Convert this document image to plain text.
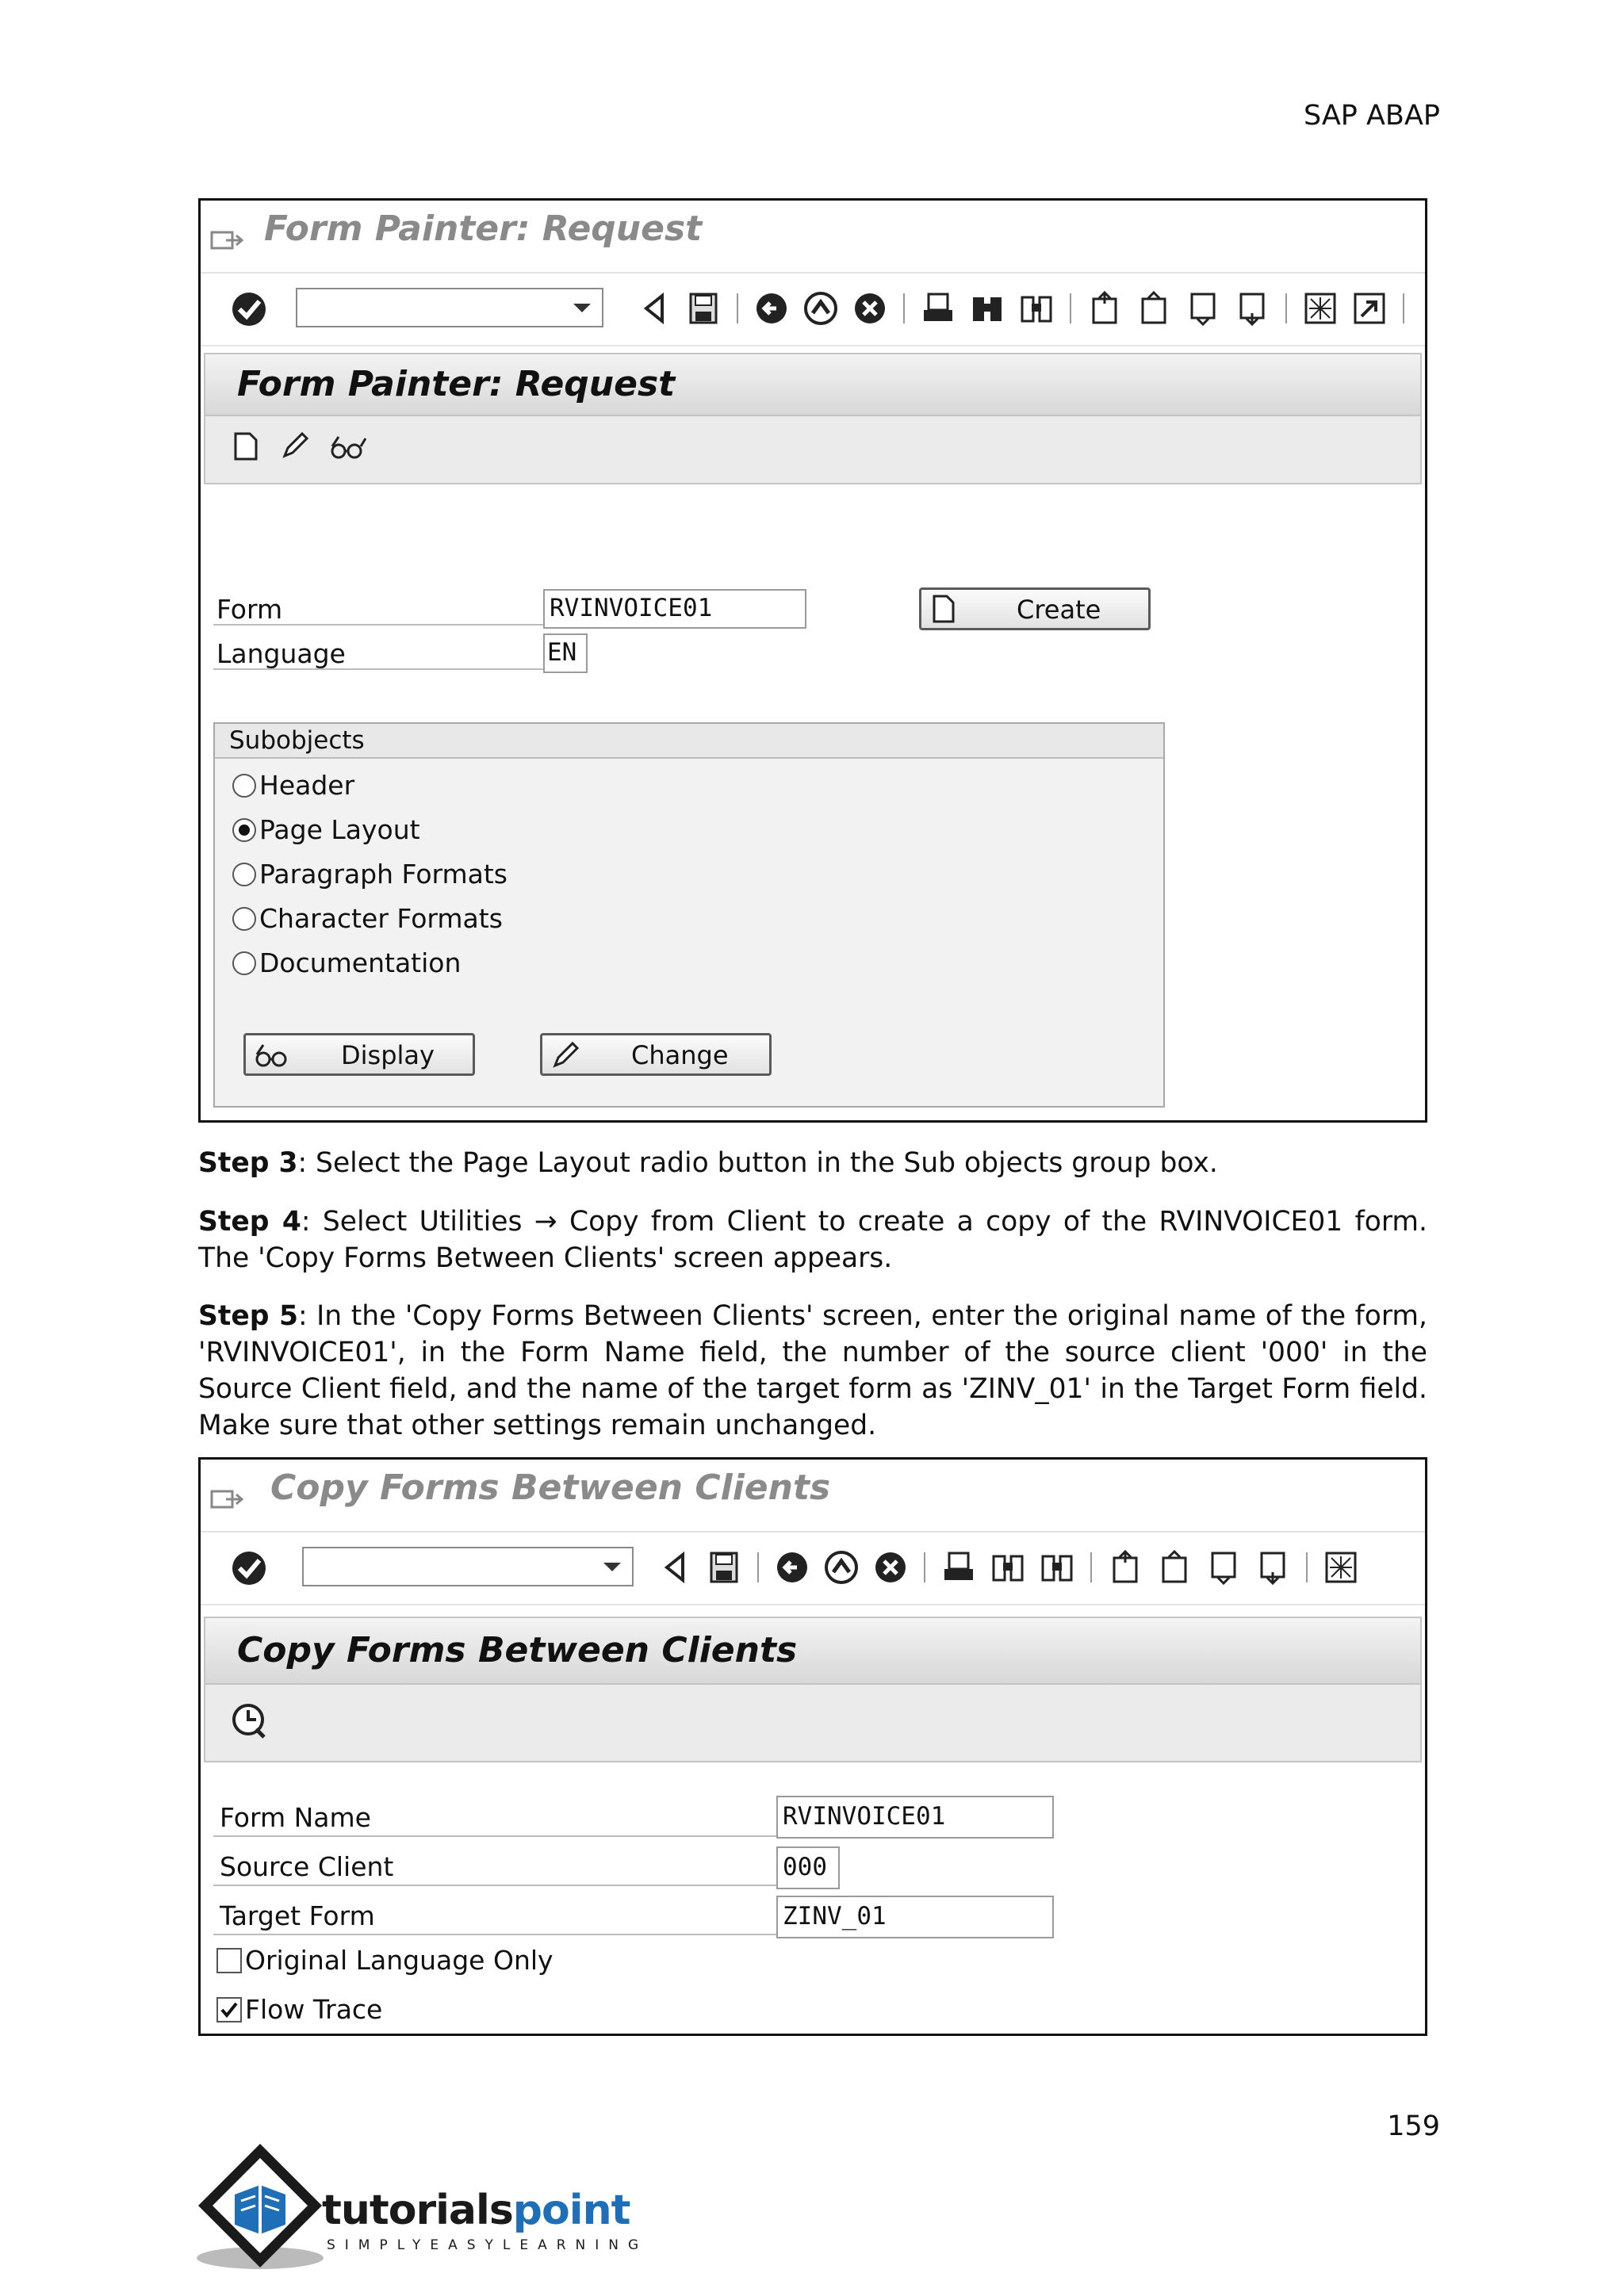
SAP ABAP
Form Painter: Request
Form Painter: Request
Form	RVINVOICE01
Language	EN
Create
Subobjects
Header
Page Layout
Paragraph Formats
Character Formats
Documentation
Display	Change
Step 3: Select the Page Layout radio button in the Sub objects group box.
Step 4: Select Utilities → Copy from Client to create a copy of the RVINVOICE01 form. The 'Copy Forms Between Clients' screen appears.
Step 5: In the 'Copy Forms Between Clients' screen, enter the original name of the form, 'RVINVOICE01', in the Form Name field, the number of the source client '000' in the Source Client field, and the name of the target form as 'ZINV_01' in the Target Form field. Make sure that other settings remain unchanged.
Copy Forms Between Clients
Copy Forms Between Clients
Form Name	RVINVOICE01
Source Client	000
Target Form	ZINV_01
Original Language Only
Flow Trace
159
tutorialspoint
SIMPLYEASYLEARNING
